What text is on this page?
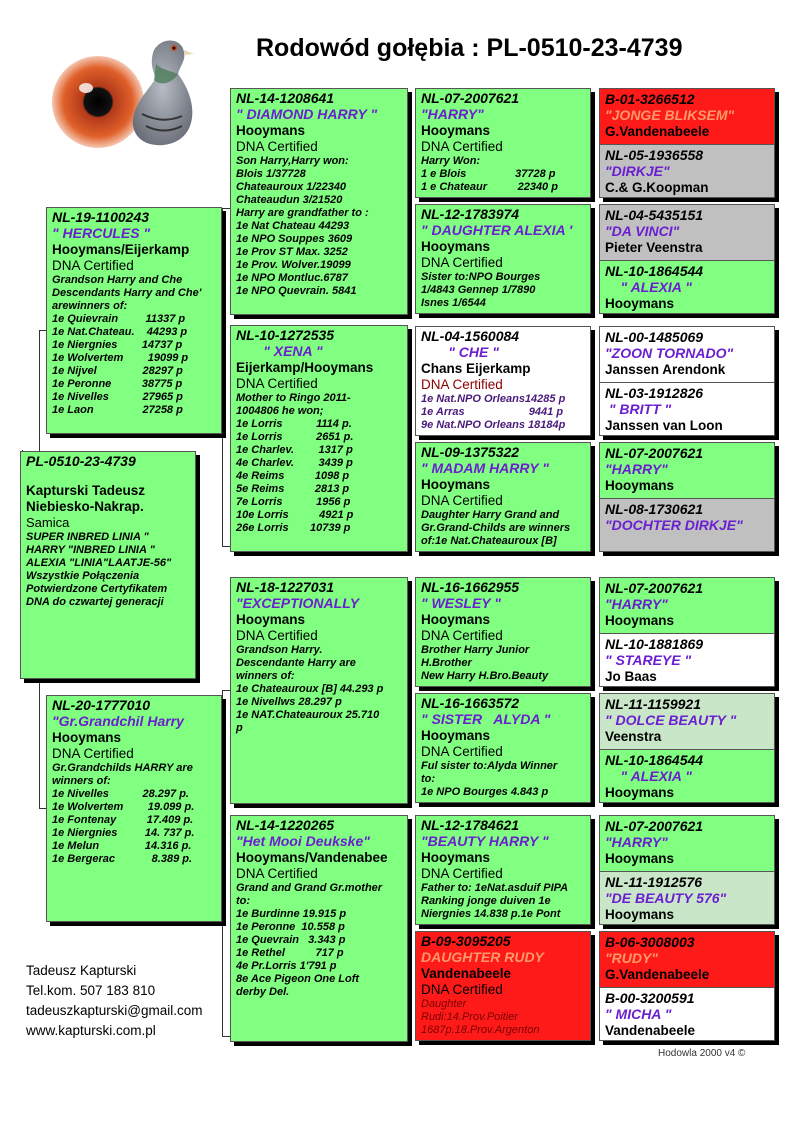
Rodowód gołębia : PL-0510-23-4739
PL-0510-23-4739
Kapturski Tadeusz
Niebiesko-Nakrap.
Samica
SUPER INBRED LINIA "
HARRY "INBRED LINIA "
ALEXIA "LINIA"LAATJE-56"
Wszystkie Połączenia
Potwierdzone Certyfikatem
DNA do czwartej generacji
NL-19-1100243
" HERCULES "
Hooymans/Eijerkamp
DNA Certified
Grandson Harry and Che
Descendants Harry and Che'
arewinners of:
1e Quievrain         11337 p
1e Nat.Chateau.    44293 p
1e Niergnies        14737 p
1e Wolvertem        19099 p
1e Nijvel               28297 p
1e Peronne          38775 p
1e Nivelles           27965 p
1e Laon                27258 p
NL-20-1777010
"Gr.Grandchil Harry
Hooymans
DNA Certified
Gr.Grandchilds HARRY are
winners of:
1e Nivelles           28.297 p.
1e Wolvertem        19.099 p.
1e Fontenay          17.409 p.
1e Niergnies         14. 737 p.
1e Melun               14.316 p.
1e Bergerac            8.389 p.
NL-14-1208641
" DIAMOND HARRY "
Hooymans
DNA Certified
Son Harry,Harry won:
Blois 1/37728
Chateauroux 1/22340
Chateaudun 3/21520
Harry are grandfather to :
1e Nat Chateau 44293
1e NPO Souppes 3609
1e Prov ST Max. 3252
1e Prov. Wolver.19099
1e NPO Montluc.6787
1e NPO Quevrain. 5841
NL-10-1272535
" XENA "
Eijerkamp/Hooymans
DNA Certified
Mother to Ringo 2011-
1004806 he won;
1e Lorris           1114 p.
1e Lorris           2651 p.
1e Charlev.        1317 p
4e Charlev.        3439 p
4e Reims          1098 p
5e Reims          2813 p
7e Lorris           1956 p
10e Lorris          4921 p
26e Lorris       10739 p
NL-18-1227031
"EXCEPTIONALLY
Hooymans
DNA Certified
Grandson Harry.
Descendante Harry are
winners of:
1e Chateauroux [B] 44.293 p
1e Nivellws 28.297 p
1e NAT.Chateauroux 25.710
p
NL-14-1220265
"Het Mooi Deukske"
Hooymans/Vandenabee
DNA Certified
Grand and Grand Gr.mother
to:
1e Burdinne 19.915 p
1e Peronne  10.558 p
1e Quevrain   3.343 p
1e Rethel          717 p
4e Pr.Lorris 1'791 p
8e Ace Pigeon One Loft
derby Del.
NL-07-2007621
"HARRY"
Hooymans
DNA Certified
Harry Won:
1 e Blois                37728 p
1 e Chateaur          22340 p
NL-12-1783974
" DAUGHTER ALEXIA '
Hooymans
DNA Certified
Sister to:NPO Bourges
1/4843 Gennep 1/7890
Isnes 1/6544
NL-04-1560084
" CHE "
Chans Eijerkamp
DNA Certified
1e Nat.NPO Orleans14285 p
1e Arras                     9441 p
9e Nat.NPO Orleans 18184p
NL-09-1375322
" MADAM HARRY "
Hooymans
DNA Certified
Daughter Harry Grand and
Gr.Grand-Childs are winners
of:1e Nat.Chateauroux [B]
NL-16-1662955
" WESLEY "
Hooymans
DNA Certified
Brother Harry Junior
H.Brother
New Harry H.Bro.Beauty
NL-16-1663572
" SISTER   ALYDA "
Hooymans
DNA Certified
Ful sister to:Alyda Winner
to:
1e NPO Bourges 4.843 p
NL-12-1784621
"BEAUTY HARRY "
Hooymans
DNA Certified
Father to: 1eNat.asduif PIPA
Ranking jonge duiven 1e
Niergnies 14.838 p.1e Pont
B-09-3095205
DAUGHTER RUDY
Vandenabeele
DNA Certified
Daughter
Rudi:14.Prov.Poitier
1687p.18.Prov.Argenton
B-01-3266512
"JONGE BLIKSEM"
G.Vandenabeele
NL-05-1936558
"DIRKJE"
C.& G.Koopman
NL-04-5435151
"DA VINCI"
Pieter Veenstra
NL-10-1864544
" ALEXIA "
Hooymans
NL-00-1485069
"ZOON TORNADO"
Janssen Arendonk
NL-03-1912826
" BRITT "
Janssen van Loon
NL-07-2007621
"HARRY"
Hooymans
NL-08-1730621
"DOCHTER DIRKJE"
NL-07-2007621
"HARRY"
Hooymans
NL-10-1881869
" STAREYE "
Jo Baas
NL-11-1159921
" DOLCE BEAUTY "
Veenstra
NL-10-1864544
" ALEXIA "
Hooymans
NL-07-2007621
"HARRY"
Hooymans
NL-11-1912576
"DE BEAUTY 576"
Hooymans
B-06-3008003
"RUDY"
G.Vandenabeele
B-00-3200591
" MICHA "
Vandenabeele
Tadeusz Kapturski
Tel.kom. 507 183 810
tadeuszkapturski@gmail.com
www.kapturski.com.pl
Hodowla 2000 v4 ©
